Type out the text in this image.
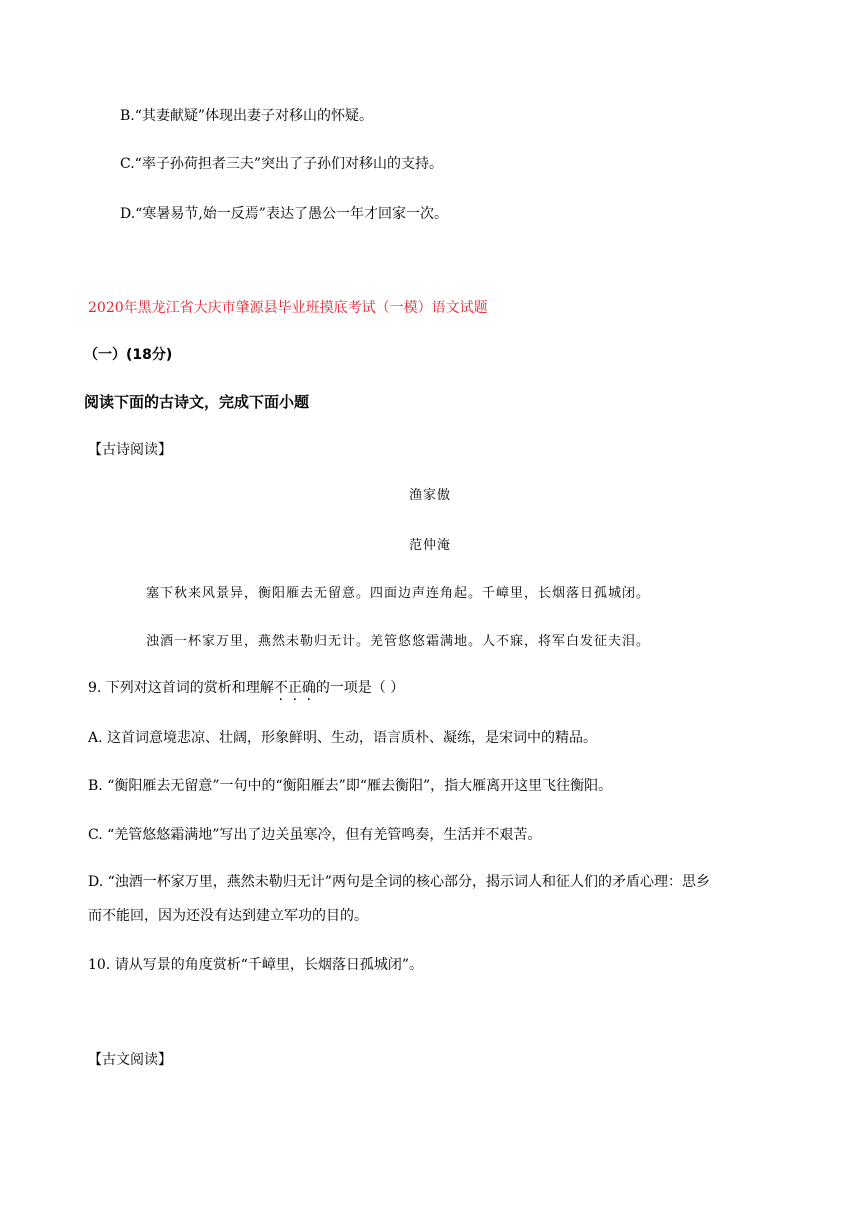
B.“其妻献疑”体现出妻子对移山的怀疑。
C.“率子孙荷担者三夫”突出了子孙们对移山的支持。
D.“寒暑易节,始一反焉”表达了愚公一年才回家一次。
2020年黑龙江省大庆市肇源县毕业班摸底考试（一模）语文试题
（一）(18分)
阅读下面的古诗文，完成下面小题
【古诗阅读】
渔家傲
范仲淹
塞下秋来风景异，衡阳雁去无留意。四面边声连角起。千嶂里，长烟落日孤城闭。
浊酒一杯家万里，燕然未勒归无计。羌管悠悠霜满地。人不寐，将军白发征夫泪。
9. 下列对这首词的赏析和理解不正确的一项是（ ）
A. 这首词意境悲凉、壮阔，形象鲜明、生动，语言质朴、凝练，是宋词中的精品。
B. “衡阳雁去无留意”一句中的“衡阳雁去”即“雁去衡阳”，指大雁离开这里飞往衡阳。
C. “羌管悠悠霜满地”写出了边关虽寒冷，但有羌管鸣奏，生活并不艰苦。
D. “浊酒一杯家万里，燕然未勒归无计”两句是全词的核心部分，揭示词人和征人们的矛盾心理：思乡
而不能回，因为还没有达到建立军功的目的。
10. 请从写景的角度赏析“千嶂里，长烟落日孤城闭”。
【古文阅读】
